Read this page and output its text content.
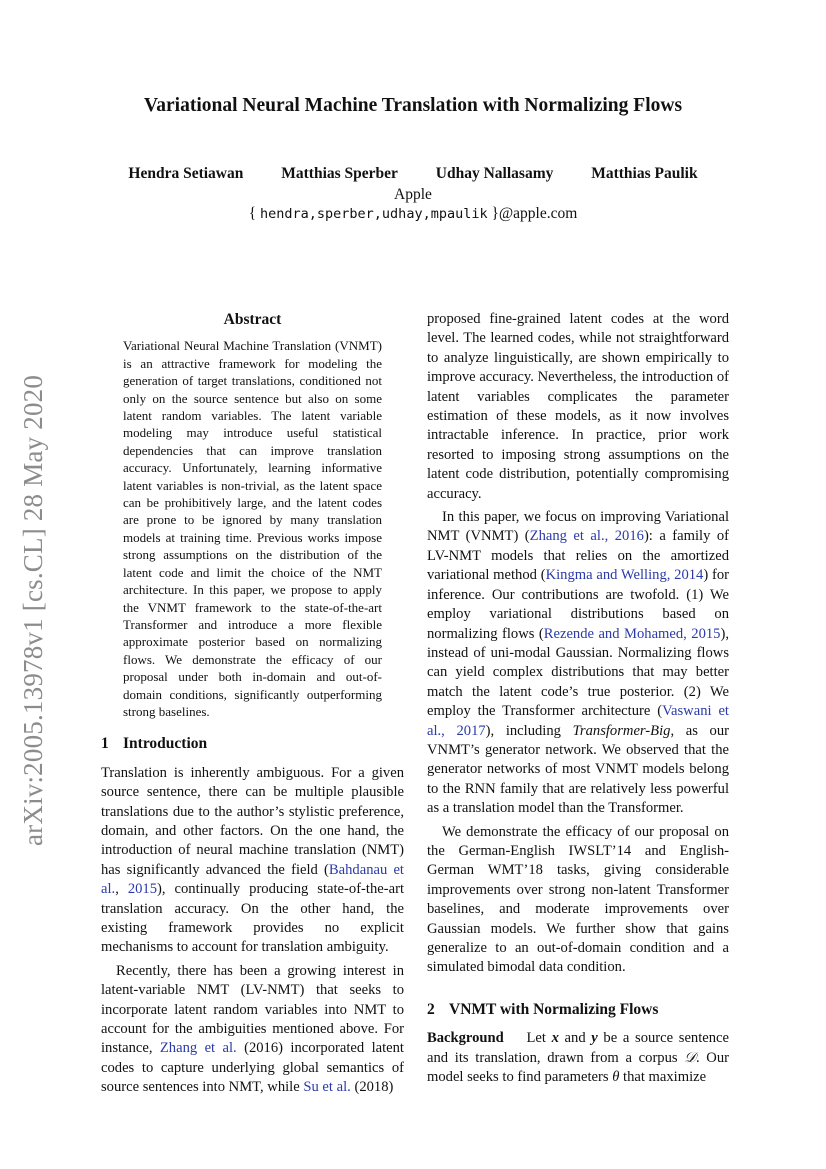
Variational Neural Machine Translation with Normalizing Flows
Hendra Setiawan Matthias Sperber Udhay Nallasamy Matthias Paulik
Apple
{ hendra,sperber,udhay,mpaulik }@apple.com
arXiv:2005.13978v1 [cs.CL] 28 May 2020
Abstract

Variational Neural Machine Translation (VNMT) is an attractive framework for modeling the generation of target translations, conditioned not only on the source sentence but also on some latent random variables. The latent variable modeling may introduce useful statistical dependencies that can improve translation accuracy. Unfortunately, learning informative latent variables is non-trivial, as the latent space can be prohibitively large, and the latent codes are prone to be ignored by many translation models at training time. Previous works impose strong assumptions on the distribution of the latent code and limit the choice of the NMT architecture. In this paper, we propose to apply the VNMT framework to the state-of-the-art Transformer and introduce a more flexible approximate posterior based on normalizing flows. We demonstrate the efficacy of our proposal under both in-domain and out-of-domain conditions, significantly outperforming strong baselines.

1 Introduction

Translation is inherently ambiguous. For a given source sentence, there can be multiple plausible translations due to the author’s stylistic preference, domain, and other factors. On the one hand, the introduction of neural machine translation (NMT) has significantly advanced the field (Bahdanau et al., 2015), continually producing state-of-the-art translation accuracy. On the other hand, the existing framework provides no explicit mechanisms to account for translation ambiguity.

Recently, there has been a growing interest in latent-variable NMT (LV-NMT) that seeks to incorporate latent random variables into NMT to account for the ambiguities mentioned above. For instance, Zhang et al. (2016) incorporated latent codes to capture underlying global semantics of source sentences into NMT, while Su et al. (2018)

proposed fine-grained latent codes at the word level. The learned codes, while not straightforward to analyze linguistically, are shown empirically to improve accuracy. Nevertheless, the introduction of latent variables complicates the parameter estimation of these models, as it now involves intractable inference. In practice, prior work resorted to imposing strong assumptions on the latent code distribution, potentially compromising accuracy.

In this paper, we focus on improving Variational NMT (VNMT) (Zhang et al., 2016): a family of LV-NMT models that relies on the amortized variational method (Kingma and Welling, 2014) for inference. Our contributions are twofold. (1) We employ variational distributions based on normalizing flows (Rezende and Mohamed, 2015), instead of uni-modal Gaussian. Normalizing flows can yield complex distributions that may better match the latent code’s true posterior. (2) We employ the Transformer architecture (Vaswani et al., 2017), including Transformer-Big, as our VNMT’s generator network. We observed that the generator networks of most VNMT models belong to the RNN family that are relatively less powerful as a translation model than the Transformer.

We demonstrate the efficacy of our proposal on the German-English IWSLT’14 and English-German WMT’18 tasks, giving considerable improvements over strong non-latent Transformer baselines, and moderate improvements over Gaussian models. We further show that gains generalize to an out-of-domain condition and a simulated bimodal data condition.

2 VNMT with Normalizing Flows

Background Let x and y be a source sentence and its translation, drawn from a corpus 𝒟. Our model seeks to find parameters θ that maximize
